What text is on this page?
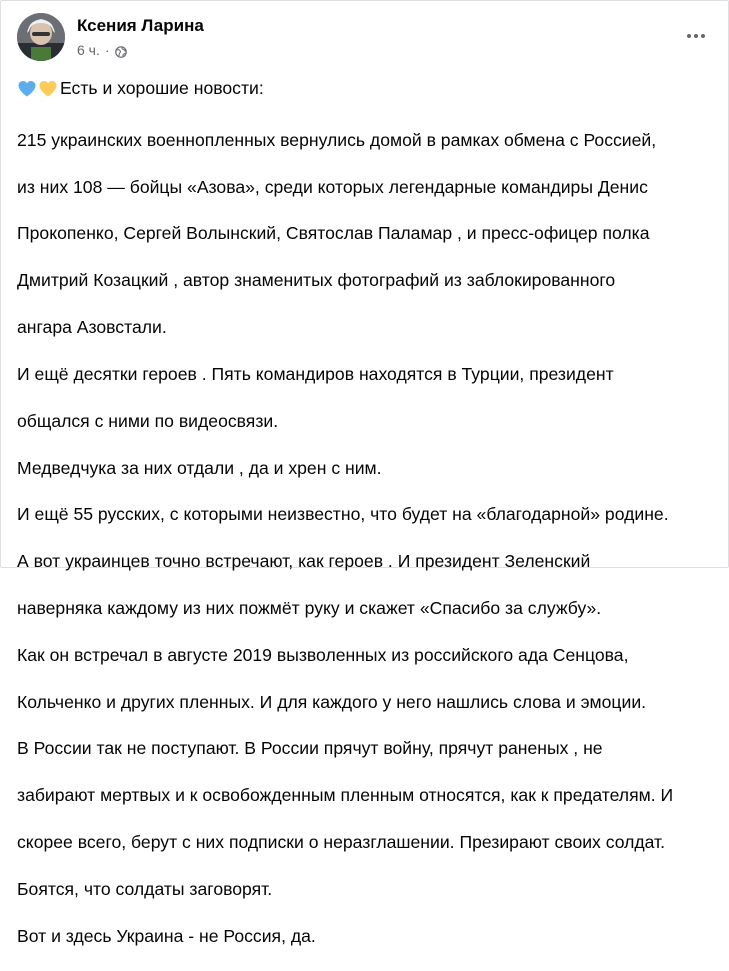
Ксения Ларина
6 ч. ·
Есть и хорошие новости:

215 украинских военнопленных вернулись домой в рамках обмена с Россией,

из них 108 — бойцы «Азова», среди которых легендарные командиры Денис

Прокопенко, Сергей Волынский, Святослав Паламар , и пресс-офицер полка

Дмитрий Козацкий , автор знаменитых фотографий из заблокированного

ангара Азовстали.

И ещё десятки героев . Пять командиров находятся в Турции, президент

общался с ними по видеосвязи.

Медведчука за них отдали , да и хрен с ним.

И ещё 55 русских, с которыми неизвестно, что будет на «благодарной» родине.

А вот украинцев точно встречают, как героев . И президент Зеленский

наверняка каждому из них пожмёт руку и скажет «Спасибо за службу».

Как он встречал в августе 2019 вызволенных из российского ада Сенцова,

Кольченко и других пленных. И для каждого у него нашлись слова и эмоции.

В России так не поступают. В России прячут войну, прячут раненых , не

забирают мертвых и к освобожденным пленным относятся, как к предателям. И

скорее всего, берут с них подписки о неразглашении. Презирают своих солдат.

Боятся, что солдаты заговорят.

Вот и здесь Украина - не Россия, да.
